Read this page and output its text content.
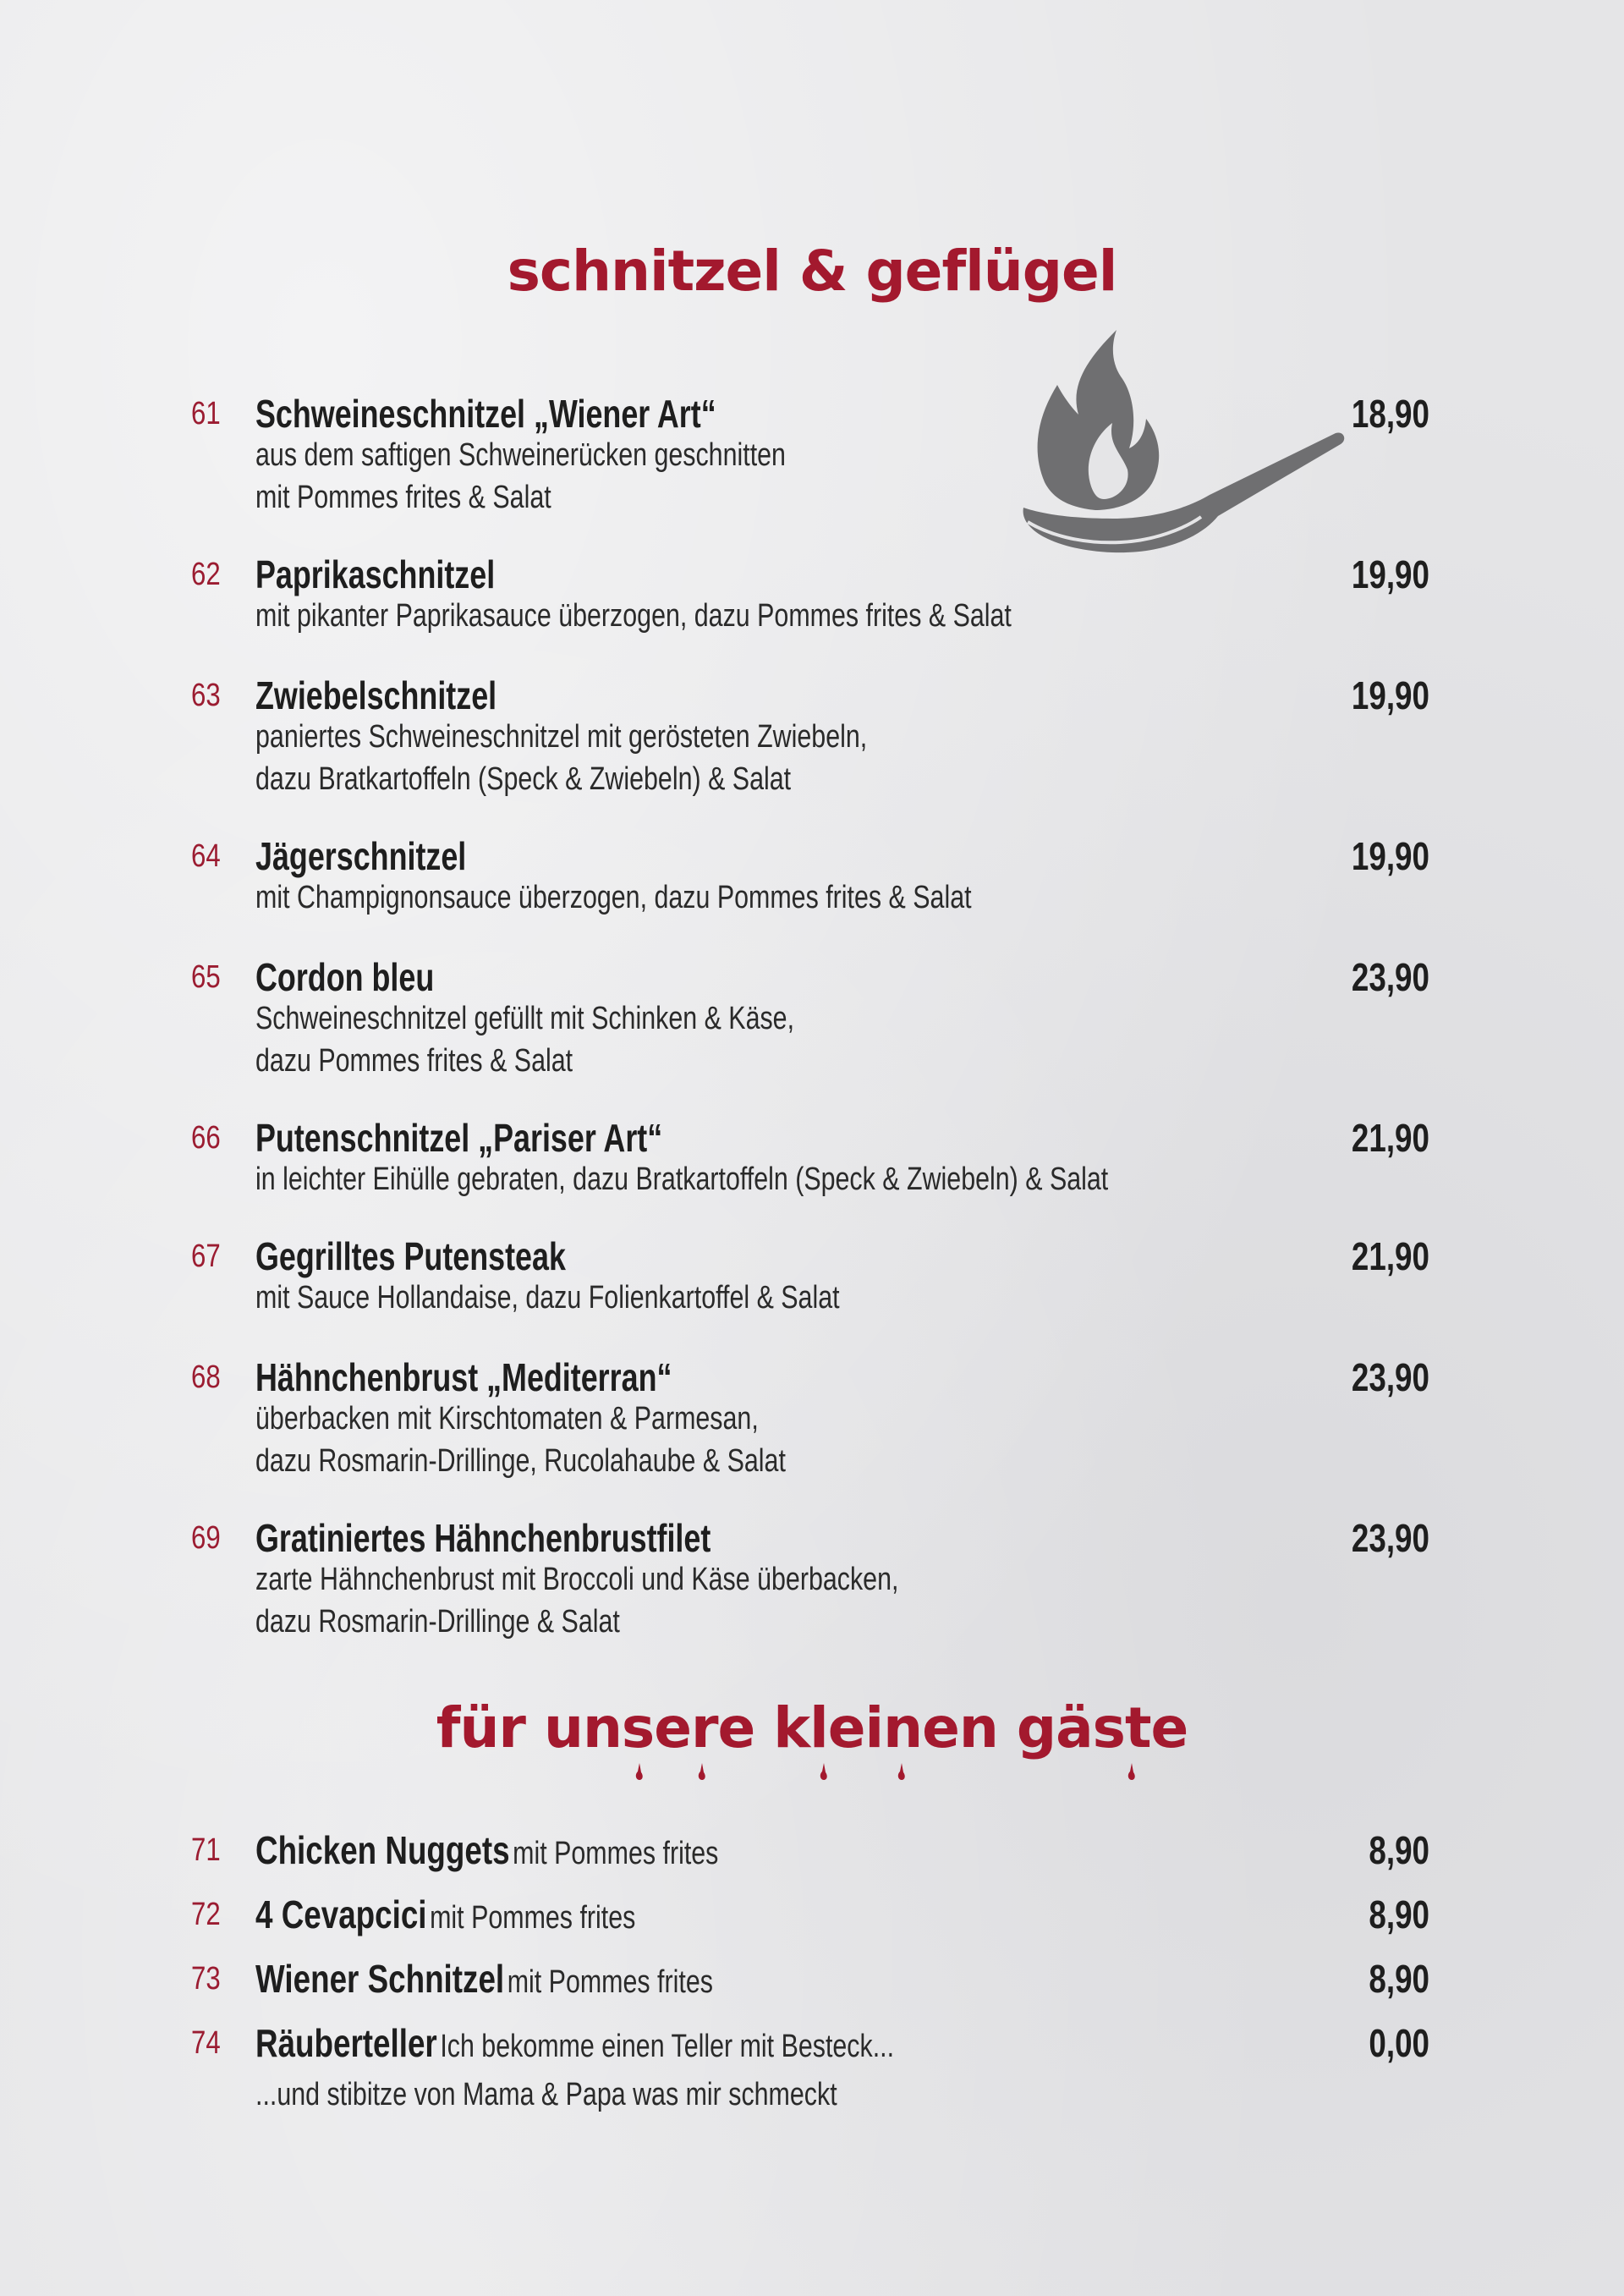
schnitzel & geflügel
61 Schweineschnitzel „Wiener Art“
aus dem saftigen Schweinerücken geschnitten
mit Pommes frites & Salat
18,90
62 Paprikaschnitzel
mit pikanter Paprikasauce überzogen, dazu Pommes frites & Salat
19,90
63 Zwiebelschnitzel
paniertes Schweineschnitzel mit gerösteten Zwiebeln,
dazu Bratkartoffeln (Speck & Zwiebeln) & Salat
19,90
64 Jägerschnitzel
mit Champignonsauce überzogen, dazu Pommes frites & Salat
19,90
65 Cordon bleu
Schweineschnitzel gefüllt mit Schinken & Käse,
dazu Pommes frites & Salat
23,90
66 Putenschnitzel „Pariser Art“
in leichter Eihülle gebraten, dazu Bratkartoffeln (Speck & Zwiebeln) & Salat
21,90
67 Gegrilltes Putensteak
mit Sauce Hollandaise, dazu Folienkartoffel & Salat
21,90
68 Hähnchenbrust „Mediterran“
überbacken mit Kirschtomaten & Parmesan,
dazu Rosmarin-Drillinge, Rucolahaube & Salat
23,90
69 Gratiniertes Hähnchenbrustfilet
zarte Hähnchenbrust mit Broccoli und Käse überbacken,
dazu Rosmarin-Drillinge & Salat
23,90
für unsere kleinen gäste
71 Chicken Nuggets mit Pommes frites	8,90
72 4 Cevapcici mit Pommes frites	8,90
73 Wiener Schnitzel mit Pommes frites	8,90
74 Räuberteller Ich bekomme einen Teller mit Besteck...
...und stibitze von Mama & Papa was mir schmeckt
0,00
